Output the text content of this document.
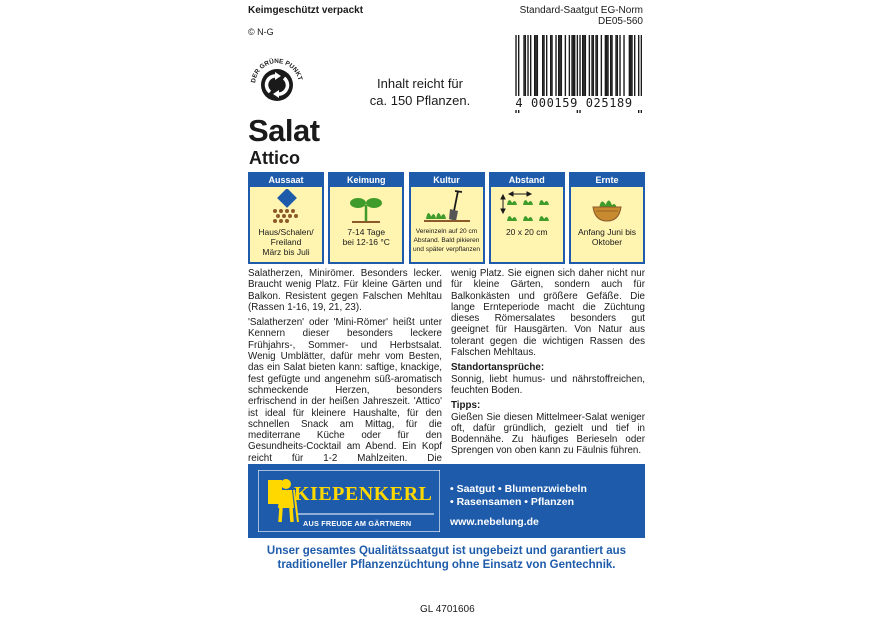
Keimgeschützt verpackt
© N-G
Standard-Saatgut EG-Norm
DE05-560
DER GRÜNE PUNKT	Inhalt reicht für
ca. 150 Pflanzen.	4 000159 025189
Salat
Attico
Aussaat
Haus/Schalen/
Freiland
März bis Juli
Keimung
7-14 Tage
bei 12-16 °C
Kultur
Vereinzeln auf 20 cm
Abstand. Bald pikieren
und später verpflanzen
Abstand
20 x 20 cm
Ernte
Anfang Juni bis
Oktober

Salatherzen, Minirömer. Besonders lecker. Braucht wenig Platz. Für kleine Gärten und Balkon. Resistent gegen Falschen Mehltau (Rassen 1-16, 19, 21, 23).

'Salatherzen' oder 'Mini-Römer' heißt unter Kennern dieser besonders leckere Frühjahrs-, Sommer- und Herbstsalat. Wenig Umblätter, dafür mehr vom Besten, das ein Salat bieten kann: saftige, knackige, fest gefügte und angenehm süß-aromatisch schmeckende Herzen, besonders erfrischend in der heißen Jahreszeit. 'Attico' ist ideal für kleinere Haushalte, für den schnellen Snack am Mittag, für die mediterrane Küche oder für den Gesundheits-Cocktail am Abend. Ein Kopf reicht für 1-2 Mahlzeiten. Die

wenig Platz. Sie eignen sich daher nicht nur für kleine Gärten, sondern auch für Balkonkästen und größere Gefäße. Die lange Ernteperiode macht die Züchtung dieses Römersalates besonders gut geeignet für Hausgärten. Von Natur aus tolerant gegen die wichtigen Rassen des Falschen Mehltaus.

Standortansprüche:

Sonnig, liebt humus- und nährstoffreichen, feuchten Boden.

Tipps:

Gießen Sie diesen Mittelmeer-Salat weniger oft, dafür gründlich, gezielt und tief in Bodennähe. Zu häufiges Berieseln oder Sprengen von oben kann zu Fäulnis führen.

KIEPENKERL
AUS FREUDE AM GÄRTNERN
• Saatgut • Blumenzwiebeln
• Rasensamen • Pflanzen
www.nebelung.de
Unser gesamtes Qualitätssaatgut ist ungebeizt und garantiert aus
traditioneller Pflanzenzüchtung ohne Einsatz von Gentechnik.
GL 4701606
